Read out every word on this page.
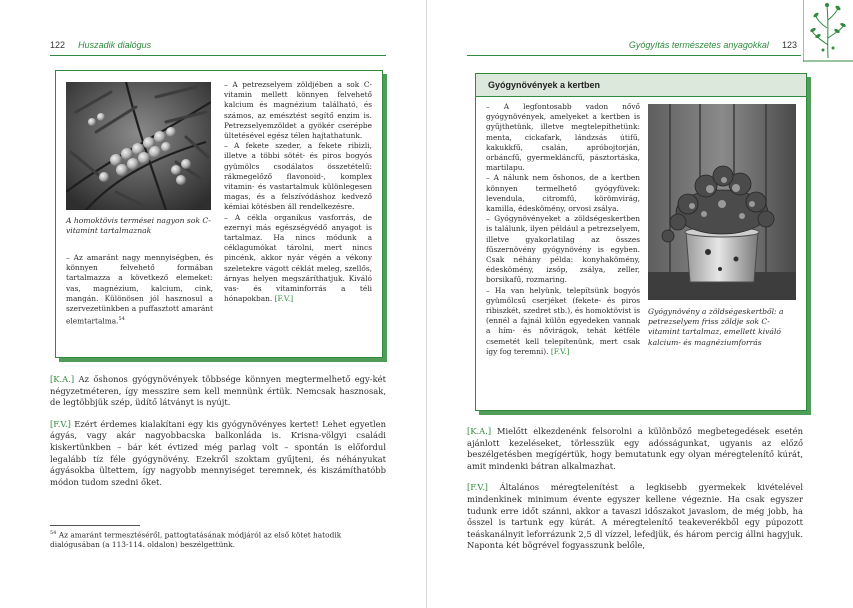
122 Huszadik dialógus
A homoktövis termései nagyon sok C-vitamint tartalmaznak

– Az amaránt nagy mennyiségben, és könnyen felvehető formában tartalmazza a következő elemeket: vas, magnézium, kalcium, cink, mangán. Különösen jól hasznosul a szervezetünkben a puffasztott amaránt elemtartalma.$^{54}$

– A petrezselyem zöldjében a sok C-vitamin mellett könnyen felvehető kalcium és magnézium található, és számos, az emésztést segítő enzim is. Petrezselyemzöldet a gyökér cserépbe ültetésével egész télen hajtathatunk.

– A fekete szeder, a fekete ribizli, illetve a többi sötét- és piros bogyós gyümölcs csodálatos összetételű: rákmegelőző flavonoid-, komplex vitamin- és vastartalmuk különlegesen magas, és a felszívódáshoz kedvező kémiai kötésben áll rendelkezésre.

– A cékla organikus vasforrás, de ezernyi más egészségvédő anyagot is tartalmaz. Ha nincs módunk a céklagumókat tárolni, mert nincs pincénk, akkor nyár végén a vékony szeletekre vágott céklát meleg, szellős, árnyas helyen megszáríthatjuk. Kiváló vas- és vitaminforrás a téli hónapokban. [F.V.]

[K.A.] Az őshonos gyógynövények többsége könnyen megtermelhető egy-két négyzetméteren, így messzire sem kell mennünk értük. Nemcsak hasznosak, de legtöbbjük szép, üdítő látványt is nyújt.

[F.V.] Ezért érdemes kialakítani egy kis gyógynövényes kertet! Lehet egyetlen ágyás, vagy akár nagyobbacska balkonláda is. Krisna-völgyi családi kiskertünkben – bár két évtized még parlag volt – spontán is előfordul legalább tíz féle gyógynövény. Ezekről szoktam gyűjteni, és néhányukat ágyásokba ültettem, így nagyobb mennyiséget teremnek, és kiszámíthatóbb módon tudom szedni őket.

$^{54}$ Az amaránt termesztéséről, pattogtatásának módjáról az első kötet hatodik dialógusában (a 113-114. oldalon) beszélgettünk.
Gyógyítás természetes anyagokkal 123
Gyógynövények a kertben

– A legfontosabb vadon nővő gyógynövények, amelyeket a kertben is gyűjthetünk, illetve megtelepíthetünk: menta, cickafark, lándzsás útifű, kakukkfű, csalán, apróbojtorján, orbáncfű, gyermekláncfű, pásztortáska, martilapu.

– A nálunk nem őshonos, de a kertben könnyen termelhető gyógyfüvek: levendula, citromfű, körömvirág, kamilla, édeskömény, orvosi zsálya.

– Gyógynövényeket a zöldségeskertben is találunk, ilyen például a petrezselyem, illetve gyakorlatilag az összes fűszernövény gyógynövény is egyben. Csak néhány példa: konyhakömény, édeskömény, izsóp, zsálya, zeller, borsikafű, rozmaring.

– Ha van helyünk, telepítsünk bogyós gyümölcsű cserjéket (fekete- és piros ribiszkét, szedret stb.), és homoktövist is (ennél a fajnál külön egyedeken vannak a hím- és nővirágok, tehát kétféle csemetét kell telepítenünk, mert csak így fog teremni). [F.V.]

Gyógynövény a zöldségeskertből: a petrezselyem friss zöldje sok C-vitamint tartalmaz, emellett kiváló kalcium- és magnéziumforrás

[K.A.] Mielőtt elkezdenénk felsorolni a különböző megbetegedések esetén ajánlott kezeléseket, törlesszük egy adósságunkat, ugyanis az előző beszélgetésben megígértük, hogy bemutatunk egy olyan méregtelenítő kúrát, amit mindenki bátran alkalmazhat.

[F.V.] Általános méregtelenítést a legkisebb gyermekek kivételével mindenkinek minimum évente egyszer kellene végeznie. Ha csak egyszer tudunk erre időt szánni, akkor a tavaszi időszakot javaslom, de még jobb, ha ősszel is tartunk egy kúrát. A méregtelenítő teakeverékből egy púpozott teáskanálnyit leforrázunk 2,5 dl vízzel, lefedjük, és három percig állni hagyjuk. Naponta két bögrével fogyasszunk belőle,
